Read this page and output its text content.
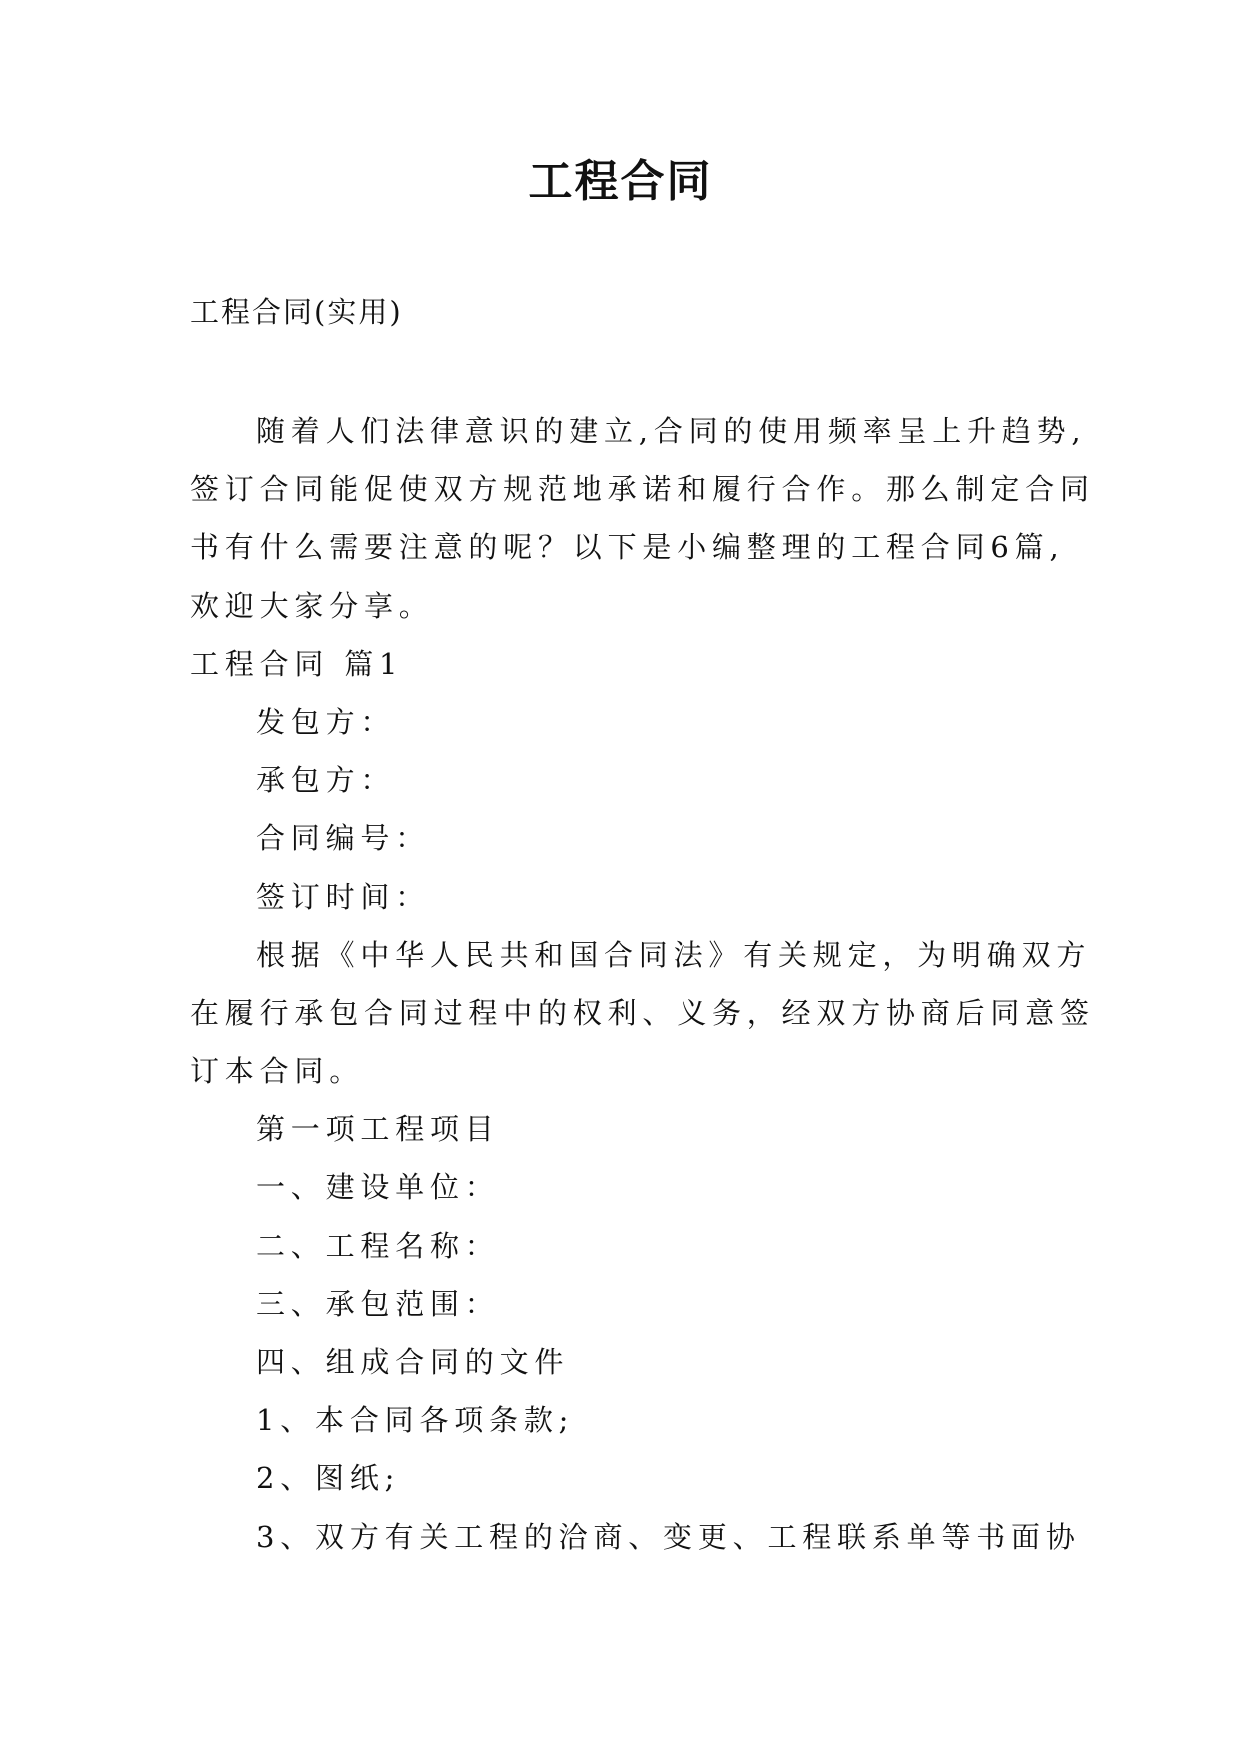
工程合同
工程合同(实用)
随着人们法律意识的建立,合同的使用频率呈上升趋势,
签订合同能促使双方规范地承诺和履行合作。那么制定合同
书有什么需要注意的呢？以下是小编整理的工程合同6篇,
欢迎大家分享。
工程合同 篇1
发包方：
承包方：
合同编号：
签订时间：
根据《中华人民共和国合同法》有关规定，为明确双方
在履行承包合同过程中的权利、义务，经双方协商后同意签
订本合同。
第一项工程项目
一、建设单位：
二、工程名称：
三、承包范围：
四、组成合同的文件
1、本合同各项条款;
2、图纸;
3、双方有关工程的洽商、变更、工程联系单等书面协
